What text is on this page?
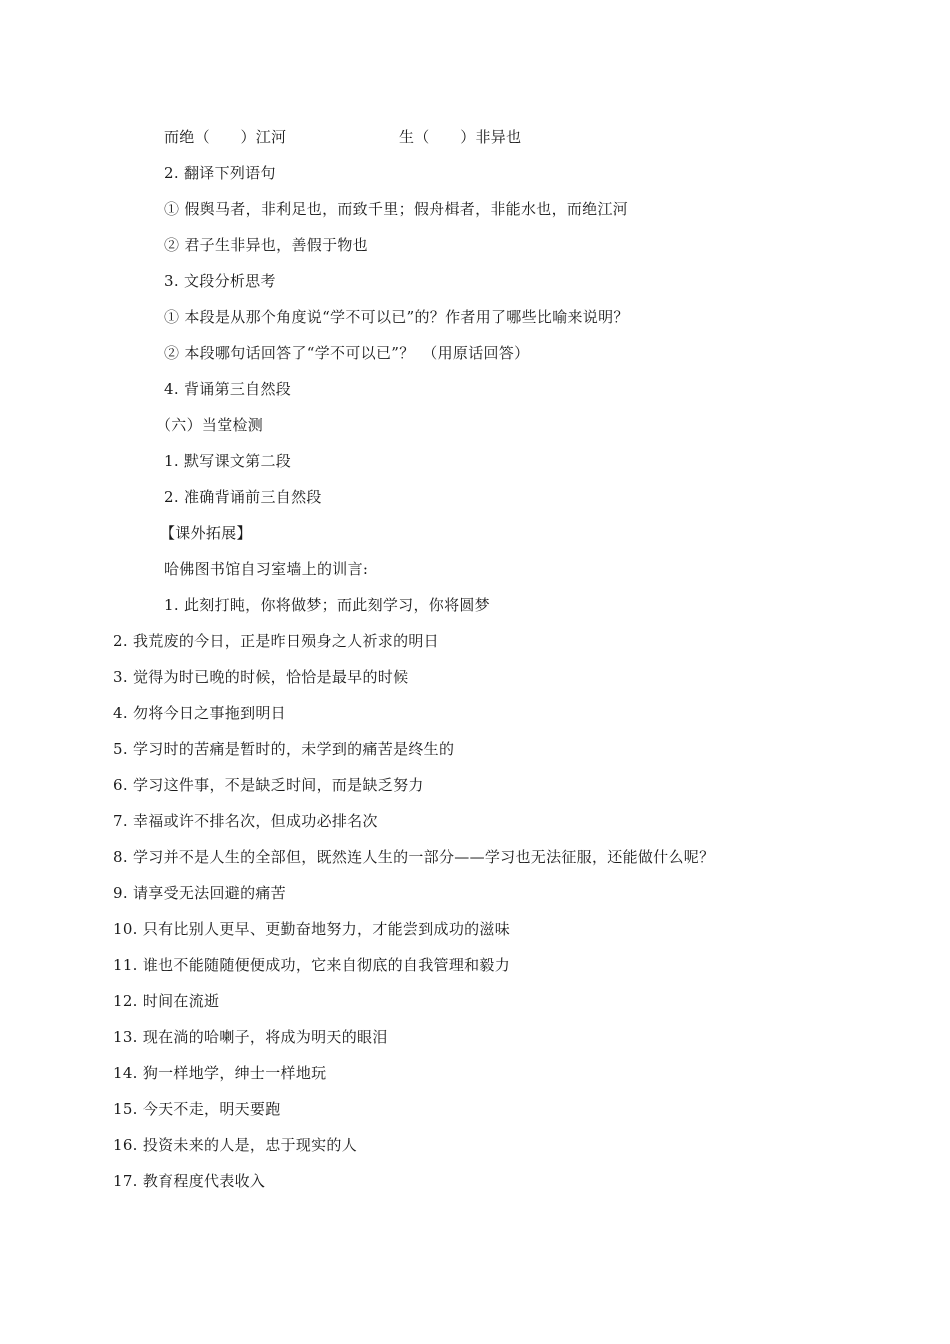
而绝（　　）江河	生（　　）非异也
2. 翻译下列语句
① 假舆马者，非利足也，而致千里；假舟楫者，非能水也，而绝江河
② 君子生非异也，善假于物也
3. 文段分析思考
① 本段是从那个角度说“学不可以已”的？作者用了哪些比喻来说明？
② 本段哪句话回答了“学不可以已”？　（用原话回答）
4. 背诵第三自然段
（六）当堂检测
1. 默写课文第二段
2. 准确背诵前三自然段
【课外拓展】
哈佛图书馆自习室墙上的训言:
1. 此刻打盹，你将做梦；而此刻学习，你将圆梦
2. 我荒废的今日，正是昨日殒身之人祈求的明日
3. 觉得为时已晚的时候，恰恰是最早的时候
4. 勿将今日之事拖到明日
5. 学习时的苦痛是暂时的，未学到的痛苦是终生的
6. 学习这件事，不是缺乏时间，而是缺乏努力
7. 幸福或许不排名次，但成功必排名次
8. 学习并不是人生的全部但，既然连人生的一部分——学习也无法征服，还能做什么呢？
9. 请享受无法回避的痛苦
10. 只有比别人更早、更勤奋地努力，才能尝到成功的滋味
11. 谁也不能随随便便成功，它来自彻底的自我管理和毅力
12. 时间在流逝
13. 现在淌的哈喇子，将成为明天的眼泪
14. 狗一样地学，绅士一样地玩
15. 今天不走，明天要跑
16. 投资未来的人是，忠于现实的人
17. 教育程度代表收入
